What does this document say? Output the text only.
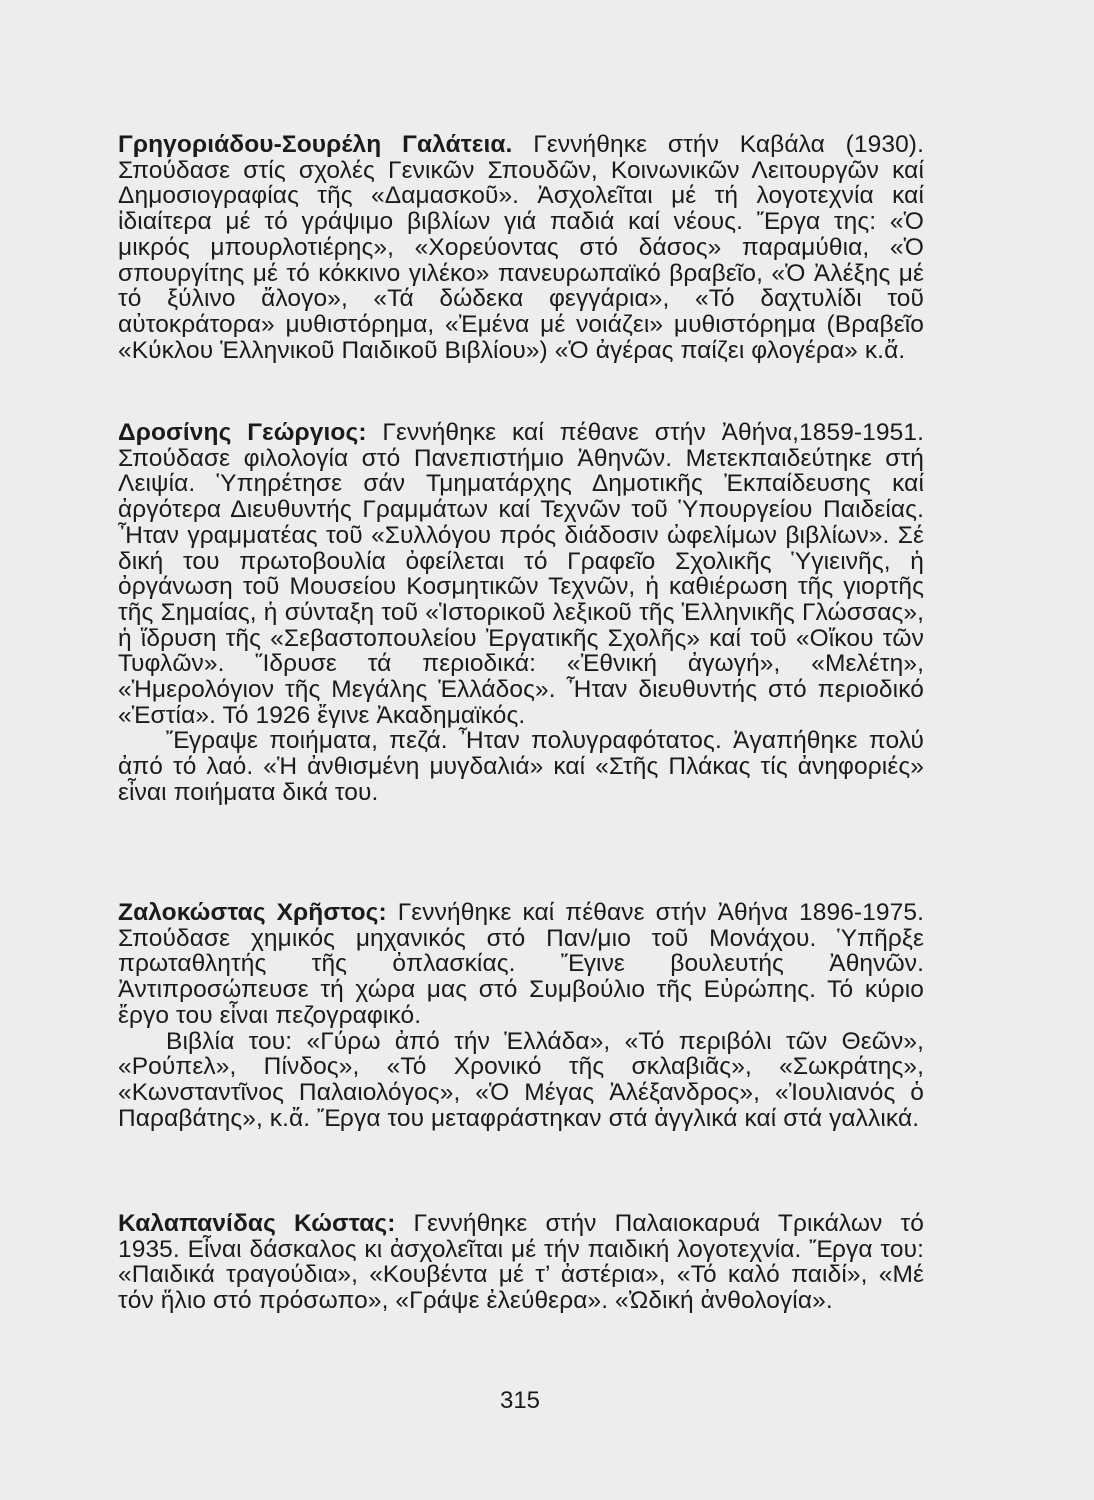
Γρηγοριάδου-Σουρέλη Γαλάτεια. Γεννήθηκε στήν Καβάλα (1930). Σπούδασε στίς σχολές Γενικῶν Σπουδῶν, Κοινωνικῶν Λειτουργῶν καί Δημοσιογραφίας τῆς «Δαμασκοῦ». Ἀσχολεῖται μέ τή λογοτεχνία καί ἰδιαίτερα μέ τό γράψιμο βιβλίων γιά παδιά καί νέους. Ἔργα της: «Ὁ μικρός μπουρλοτιέρης», «Χορεύοντας στό δάσος» παραμύθια, «Ὁ σπουργίτης μέ τό κόκκινο γιλέκο» πανευρωπαϊκό βραβεῖο, «Ὁ Ἀλέξης μέ τό ξύλινο ἄλογο», «Τά δώδεκα φεγγάρια», «Τό δαχτυλίδι τοῦ αὐτοκράτορα» μυθιστόρημα, «Ἐμένα μέ νοιάζει» μυθιστόρημα (Βραβεῖο «Κύκλου Ἑλληνικοῦ Παιδικοῦ Βιβλίου») «Ὁ ἀγέρας παίζει φλογέρα» κ.ἄ.

Δροσίνης Γεώργιος: Γεννήθηκε καί πέθανε στήν Ἀθήνα,1859-1951. Σπούδασε φιλολογία στό Πανεπιστήμιο Ἀθηνῶν. Μετεκπαιδεύτηκε στή Λειψία. Ὑπηρέτησε σάν Τμηματάρχης Δημοτικῆς Ἐκπαίδευσης καί ἀργότερα Διευθυντής Γραμμάτων καί Τεχνῶν τοῦ Ὑπουργείου Παιδείας. Ἦταν γραμματέας τοῦ «Συλλόγου πρός διάδοσιν ὠφελίμων βιβλίων». Σέ δική του πρωτοβουλία ὀφείλεται τό Γραφεῖο Σχολικῆς Ὑγιεινῆς, ἡ ὀργάνωση τοῦ Μουσείου Κοσμητικῶν Τεχνῶν, ἡ καθιέρωση τῆς γιορτῆς τῆς Σημαίας, ἡ σύνταξη τοῦ «Ἱστορικοῦ λεξικοῦ τῆς Ἑλληνικῆς Γλώσσας», ἡ ἵδρυση τῆς «Σεβαστοπουλείου Ἐργατικῆς Σχολῆς» καί τοῦ «Οἴκου τῶν Τυφλῶν». Ἵδρυσε τά περιοδικά: «Ἐθνική ἀγωγή», «Μελέτη», «Ἡμερολόγιον τῆς Μεγάλης Ἑλλάδος». Ἦταν διευθυντής στό περιοδικό «Ἑστία». Τό 1926 ἔγινε Ἀκαδημαϊκός.

Ἔγραψε ποιήματα, πεζά. Ἦταν πολυγραφότατος. Ἀγαπήθηκε πολύ ἀπό τό λαό. «Ἡ ἀνθισμένη μυγδαλιά» καί «Στῆς Πλάκας τίς ἀνηφοριές» εἶναι ποιήματα δικά του.

Ζαλοκώστας Χρῆστος: Γεννήθηκε καί πέθανε στήν Ἀθήνα 1896-1975. Σπούδασε χημικός μηχανικός στό Παν/μιο τοῦ Μονάχου. Ὑπῆρξε πρωταθλητής τῆς ὀπλασκίας. Ἔγινε βουλευτής Ἀθηνῶν. Ἀντιπροσώπευσε τή χώρα μας στό Συμβούλιο τῆς Εὐρώπης. Τό κύριο ἔργο του εἶναι πεζογραφικό.

Βιβλία του: «Γύρω ἀπό τήν Ἑλλάδα», «Τό περιβόλι τῶν Θεῶν», «Ρούπελ», Πίνδος», «Τό Χρονικό τῆς σκλαβιᾶς», «Σωκράτης», «Κωνσταντῖνος Παλαιολόγος», «Ὁ Μέγας Ἀλέξανδρος», «Ἰουλιανός ὁ Παραβάτης», κ.ἄ. Ἔργα του μεταφράστηκαν στά ἀγγλικά καί στά γαλλικά.

Καλαπανίδας Κώστας: Γεννήθηκε στήν Παλαιοκαρυά Τρικάλων τό 1935. Εἶναι δάσκαλος κι ἀσχολεῖται μέ τήν παιδική λογοτεχνία. Ἔργα του: «Παιδικά τραγούδια», «Κουβέντα μέ τ’ ἀστέρια», «Τό καλό παιδί», «Μέ τόν ἥλιο στό πρόσωπο», «Γράψε ἐλεύθερα». «Ὠδική ἀνθολογία».

315
